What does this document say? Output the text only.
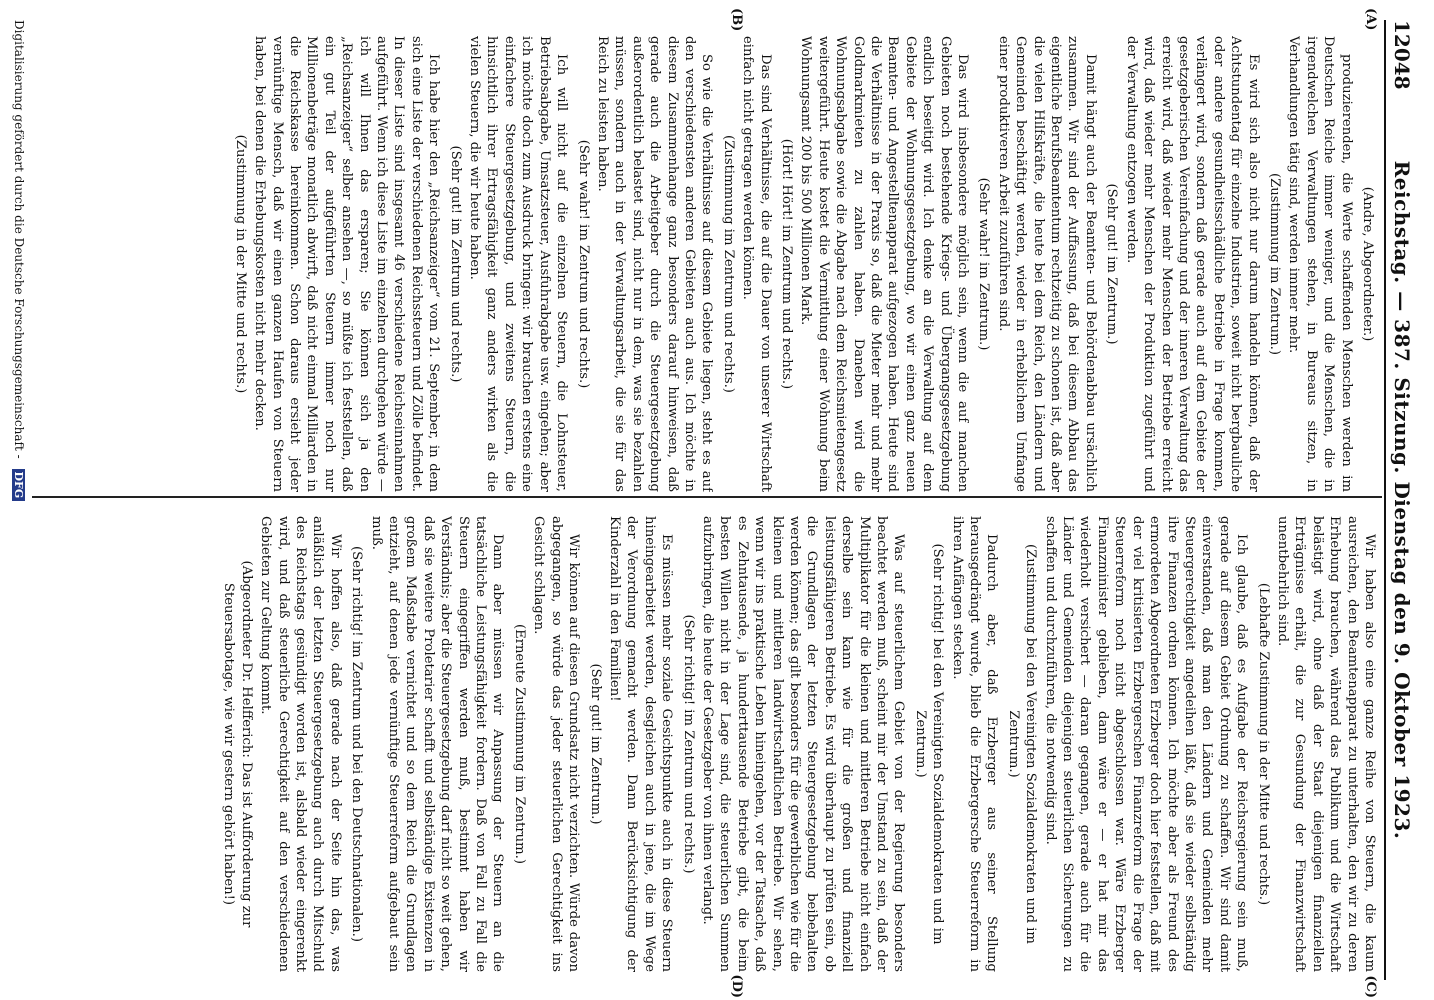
12048
Reichstag. — 387. Sitzung. Dienstag den 9. Oktober 1923.
(A)
(B)
(C)
(D)

(Andre, Abgeordneter.)

produzierenden, die Werte schaffenden Menschen werden im Deutschen Reiche immer weniger, und die Menschen, die in irgendwelchen Verwaltungen stehen, in Bureaus sitzen, in Verhandlungen tätig sind, werden immer mehr.

(Zustimmung im Zentrum.)

Es wird sich also nicht nur darum handeln können, daß der Achtstundentag für einzelne Industrien, soweit nicht bergbauliche oder andere gesundheitsschädliche Betriebe in Frage kommen, verlängert wird, sondern daß gerade auch auf dem Gebiete der gesetzgeberischen Vereinfachung und der inneren Verwaltung das erreicht wird, daß wieder mehr Menschen der Betriebe erreicht wird, daß wieder mehr Menschen der Produktion zugeführt und der Verwaltung entzogen werden.

(Sehr gut! im Zentrum.)

Damit hängt auch der Beamten- und Behördenabbau ursächlich zusammen. Wir sind der Auffassung, daß bei diesem Abbau das eigentliche Berufsbeamtentum rechtzeitig zu schonen ist, daß aber die vielen Hilfskräfte, die heute bei dem Reich, den Ländern und Gemeinden beschäftigt werden, wieder in erheblichem Umfange einer produktiveren Arbeit zuzuführen sind.

(Sehr wahr! im Zentrum.)

Das wird insbesondere möglich sein, wenn die auf manchen Gebieten noch bestehende Kriegs- und Übergangsgesetzgebung endlich beseitigt wird. Ich denke an die Verwaltung auf dem Gebiete der Wohnungsgesetzgebung, wo wir einen ganz neuen Beamten- und Angestelltenapparat aufgezogen haben. Heute sind die Verhältnisse in der Praxis so, daß die Mieter mehr und mehr Goldmarkmieten zu zahlen haben. Daneben wird die Wohnungsabgabe sowie die Abgabe nach dem Reichsmietengesetz weitergeführt. Heute kostet die Vermittlung einer Wohnung beim Wohnungsamt 200 bis 500 Millionen Mark.

(Hört! Hört! im Zentrum und rechts.)

Das sind Verhältnisse, die auf die Dauer von unserer Wirtschaft einfach nicht getragen werden können.

(Zustimmung im Zentrum und rechts.)

So wie die Verhältnisse auf diesem Gebiete liegen, steht es auf den verschiedensten anderen Gebieten auch aus. Ich möchte in diesem Zusammenhange ganz besonders darauf hinweisen, daß gerade auch die Arbeitgeber durch die Steuergesetzgebung außerordentlich belastet sind, nicht nur in dem, was sie bezahlen müssen, sondern auch in der Verwaltungsarbeit, die sie für das Reich zu leisten haben.

(Sehr wahr! im Zentrum und rechts.)

Ich will nicht auf die einzelnen Steuern, die Lohnsteuer, Betriebsabgabe, Umsatzsteuer, Ausfuhrabgabe usw. eingehen; aber ich möchte doch zum Ausdruck bringen: wir brauchen erstens eine einfachere Steuergesetzgebung, und zweitens Steuern, die hinsichtlich ihrer Ertragsfähigkeit ganz anders wirken als die vielen Steuern, die wir heute haben.

(Sehr gut! im Zentrum und rechts.)

Ich habe hier den „Reichsanzeiger“ vom 21. September, in dem sich eine Liste der verschiedenen Reichssteuern und Zölle befindet. In dieser Liste sind insgesamt 46 verschiedene Reichseinnahmen aufgeführt. Wenn ich diese Liste im einzelnen durchgehen würde — ich will Ihnen das ersparen; Sie können sich ja den „Reichsanzeiger“ selber ansehen —, so müßte ich feststellen, daß ein gut Teil der aufgeführten Steuern immer noch nur Millionenbeträge monatlich abwirft, daß nicht einmal Milliarden in die Reichskasse hereinkommen. Schon daraus ersieht jeder vernünftige Mensch, daß wir einen ganzen Haufen von Steuern haben, bei denen die Erhebungskosten nicht mehr decken.

(Zustimmung in der Mitte und rechts.)

Wir haben also eine ganze Reihe von Steuern, die kaum ausreichen, den Beamtenapparat zu unterhalten, den wir zu deren Erhebung brauchen, während das Publikum und die Wirtschaft belästigt wird, ohne daß der Staat diejenigen finanziellen Erträgnisse erhält, die zur Gesundung der Finanzwirtschaft unentbehrlich sind.

(Lebhafte Zustimmung in der Mitte und rechts.)

Ich glaube, daß es Aufgabe der Reichsregierung sein muß, gerade auf diesem Gebiet Ordnung zu schaffen. Wir sind damit einverstanden, daß man den Ländern und Gemeinden mehr Steuergerechtigkeit angedeihen läßt, daß sie wieder selbständig ihre Finanzen ordnen können. Ich möchte aber als Freund des ermordeten Abgeordneten Erzberger doch hier feststellen, daß mit der viel kritisierten Erzbergerschen Finanzreform die Frage der Steuerreform noch nicht abgeschlossen war. Wäre Erzberger Finanzminister geblieben, dann wäre er — er hat mir das wiederholt versichert — daran gegangen, gerade auch für die Länder und Gemeinden diejenigen steuerlichen Sicherungen zu schaffen und durchzuführen, die notwendig sind.

(Zustimmung bei den Vereinigten Sozialdemokraten und im Zentrum.)

Dadurch aber, daß Erzberger aus seiner Stellung herausgedrängt wurde, blieb die Erzbergersche Steuerreform in ihren Anfängen stecken.

(Sehr richtig! bei den Vereinigten Sozialdemokraten und im Zentrum.)

Was auf steuerlichem Gebiet von der Regierung besonders beachtet werden muß, scheint mir der Umstand zu sein, daß der Multiplikator für die kleinen und mittleren Betriebe nicht einfach derselbe sein kann wie für die großen und finanziell leistungsfähigeren Betriebe. Es wird überhaupt zu prüfen sein, ob die Grundlagen der letzten Steuergesetzgebung beibehalten werden können; das gilt besonders für die gewerblichen wie für die kleinen und mittleren landwirtschaftlichen Betriebe. Wir sehen, wenn wir ins praktische Leben hineingehen, vor der Tatsache, daß es Zehntausende, ja hunderttausende Betriebe gibt, die beim besten Willen nicht in der Lage sind, die steuerlichen Summen aufzubringen, die heute der Gesetzgeber von ihnen verlangt.

(Sehr richtig! im Zentrum und rechts.)

Es müssen mehr soziale Gesichtspunkte auch in diese Steuern hineingearbeitet werden, desgleichen auch in jene, die im Wege der Verordnung gemacht werden. Dann Berücksichtigung der Kinderzahl in den Familien!

(Sehr gut! im Zentrum.)

Wir können auf diesen Grundsatz nicht verzichten. Würde davon abgegangen, so würde das jeder steuerlichen Gerechtigkeit ins Gesicht schlagen.

(Erneute Zustimmung im Zentrum.)

Dann aber müssen wir Anpassung der Steuern an die tatsächliche Leistungsfähigkeit fordern. Daß von Fall zu Fall die Steuern eingegriffen werden muß, bestimmt haben wir Verständnis; aber die Steuergesetzgebung darf nicht so weit gehen, daß sie weitere Proletarier schafft und selbständige Existenzen in großem Maßstabe vernichtet und so dem Reich die Grundlagen entzieht, auf denen jede vernünftige Steuerreform aufgebaut sein muß.

(Sehr richtig! im Zentrum und bei den Deutschnationalen.)

Wir hoffen also, daß gerade nach der Seite hin das, was anläßlich der letzten Steuergesetzgebung auch durch Mitschuld des Reichstags gesündigt worden ist, alsbald wieder eingerenkt wird, und daß steuerliche Gerechtigkeit auf den verschiedenen Gebieten zur Geltung kommt.

(Abgeordneter Dr. Helfferich: Das ist Aufforderung zur Steuersabotage, wie wir gestern gehört haben!)

Digitalisierung gefördert durch die Deutsche Forschungsgemeinschaft - DFG
